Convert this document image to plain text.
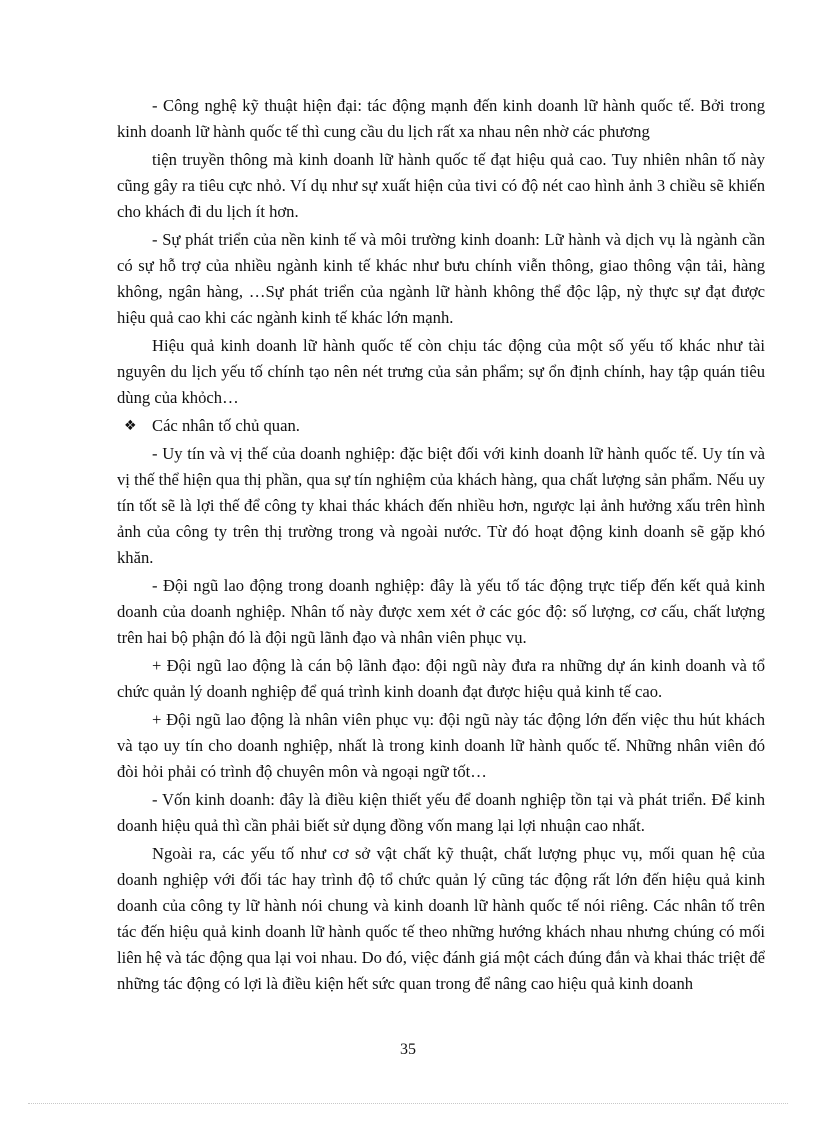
- Công nghệ kỹ thuật hiện đại: tác động mạnh đến kinh doanh lữ hành quốc tế. Bởi trong kinh doanh lữ hành quốc tế thì cung cầu du lịch rất xa nhau nên nhờ các phương

tiện truyền thông mà kinh doanh lữ hành quốc tế đạt hiệu quả cao. Tuy nhiên nhân tố này cũng gây ra tiêu cực nhỏ. Ví dụ như sự xuất hiện của tivi có độ nét cao hình ảnh 3 chiều sẽ khiến cho khách đi du lịch ít hơn.

- Sự phát triển của nền kinh tế và môi trường kinh doanh: Lữ hành và dịch vụ là ngành cần có sự hỗ trợ của nhiều ngành kinh tế khác như bưu chính viễn thông, giao thông vận tải, hàng không, ngân hàng, …Sự phát triển của ngành lữ hành không thể độc lập, nỳ thực sự đạt được hiệu quả cao khi các ngành kinh tế khác lớn mạnh.

Hiệu quả kinh doanh lữ hành quốc tế còn chịu tác động của một số yếu tố khác như tài nguyên du lịch yếu tố chính tạo nên nét trưng của sản phẩm; sự ổn định chính, hay tập quán tiêu dùng của khỏch…

❖ Các nhân tố chủ quan.

- Uy tín và vị thế của doanh nghiệp: đặc biệt đối với kinh doanh lữ hành quốc tế. Uy tín và vị thế thể hiện qua thị phần, qua sự tín nghiệm của khách hàng, qua chất lượng sản phẩm. Nếu uy tín tốt sẽ là lợi thế để công ty khai thác khách đến nhiều hơn, ngược lại ảnh hưởng xấu trên hình ảnh của công ty trên thị trường trong và ngoài nước. Từ đó hoạt động kinh doanh sẽ gặp khó khăn.

- Đội ngũ lao động trong doanh nghiệp: đây là yếu tố tác động trực tiếp đến kết quả kinh doanh của doanh nghiệp. Nhân tố này được xem xét ở các góc độ: số lượng, cơ cấu, chất lượng trên hai bộ phận đó là đội ngũ lãnh đạo và nhân viên phục vụ.

+ Đội ngũ lao động là cán bộ lãnh đạo: đội ngũ này đưa ra những dự án kinh doanh và tổ chức quản lý doanh nghiệp để quá trình kinh doanh đạt được hiệu quả kinh tế cao.

+ Đội ngũ lao động là nhân viên phục vụ: đội ngũ này tác động lớn đến việc thu hút khách và tạo uy tín cho doanh nghiệp, nhất là trong kinh doanh lữ hành quốc tế. Những nhân viên đó đòi hỏi phải có trình độ chuyên môn và ngoại ngữ tốt…

- Vốn kinh doanh: đây là điều kiện thiết yếu để doanh nghiệp tồn tại và phát triển. Để kinh doanh hiệu quả thì cần phải biết sử dụng đồng vốn mang lại lợi nhuận cao nhất.

Ngoài ra, các yếu tố như cơ sở vật chất kỹ thuật, chất lượng phục vụ, mối quan hệ của doanh nghiệp với đối tác hay trình độ tổ chức quản lý cũng tác động rất lớn đến hiệu quả kinh doanh của công ty lữ hành nói chung và kinh doanh lữ hành quốc tế nói riêng. Các nhân tố trên tác đến hiệu quả kinh doanh lữ hành quốc tế theo những hướng khách nhau nhưng chúng có mối liên hệ và tác động qua lại voi nhau. Do đó, việc đánh giá một cách đúng đắn và khai thác triệt để những tác động có lợi là điều kiện hết sức quan trong để nâng cao hiệu quả kinh doanh

35
